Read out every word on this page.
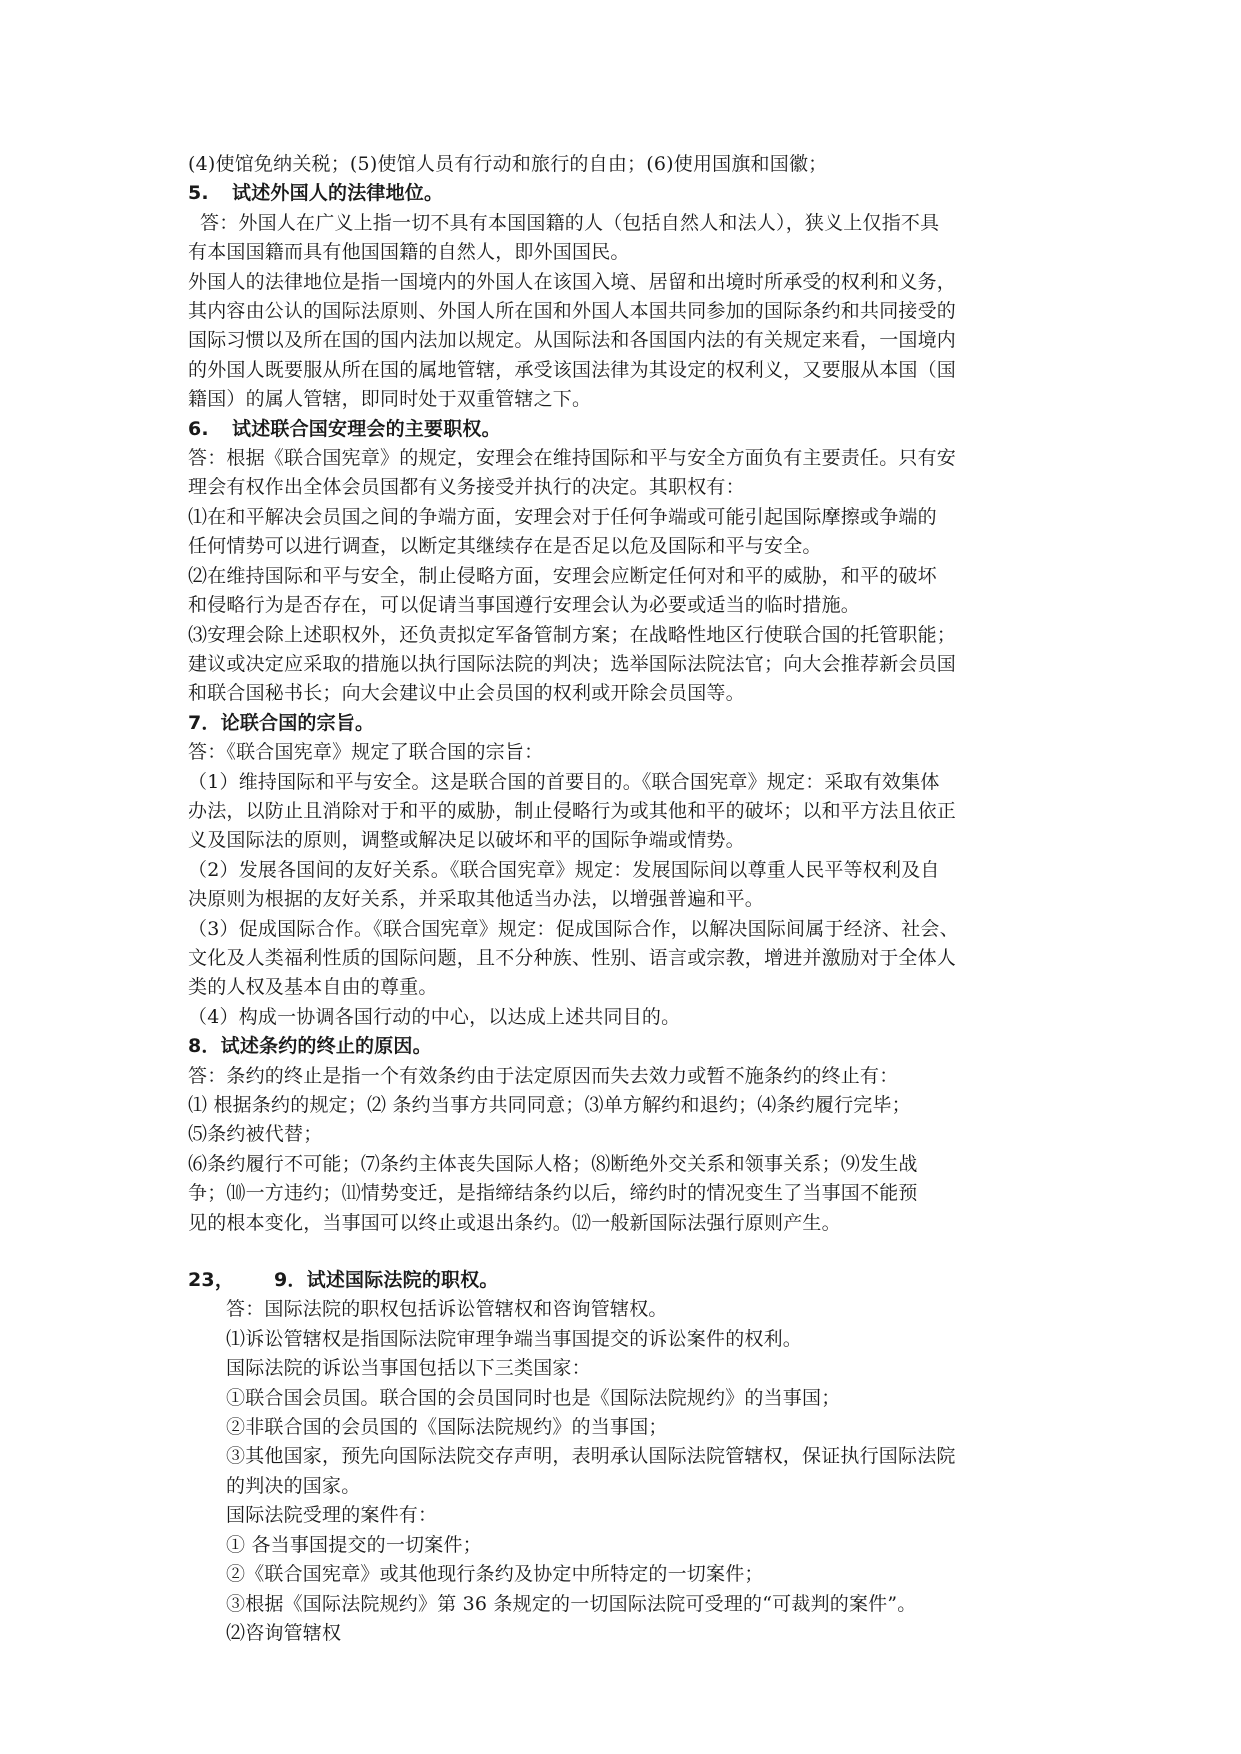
(4)使馆免纳关税；(5)使馆人员有行动和旅行的自由；(6)使用国旗和国徽；
5. 试述外国人的法律地位。
答：外国人在广义上指一切不具有本国国籍的人（包括自然人和法人），狭义上仅指不具
有本国国籍而具有他国国籍的自然人，即外国国民。
外国人的法律地位是指一国境内的外国人在该国入境、居留和出境时所承受的权利和义务，
其内容由公认的国际法原则、外国人所在国和外国人本国共同参加的国际条约和共同接受的
国际习惯以及所在国的国内法加以规定。从国际法和各国国内法的有关规定来看，一国境内
的外国人既要服从所在国的属地管辖，承受该国法律为其设定的权利义，又要服从本国（国
籍国）的属人管辖，即同时处于双重管辖之下。
6. 试述联合国安理会的主要职权。
答：根据《联合国宪章》的规定，安理会在维持国际和平与安全方面负有主要责任。只有安
理会有权作出全体会员国都有义务接受并执行的决定。其职权有：
⑴在和平解决会员国之间的争端方面，安理会对于任何争端或可能引起国际摩擦或争端的
任何情势可以进行调查，以断定其继续存在是否足以危及国际和平与安全。
⑵在维持国际和平与安全，制止侵略方面，安理会应断定任何对和平的威胁，和平的破坏
和侵略行为是否存在，可以促请当事国遵行安理会认为必要或适当的临时措施。
⑶安理会除上述职权外，还负责拟定军备管制方案；在战略性地区行使联合国的托管职能；
建议或决定应采取的措施以执行国际法院的判决；选举国际法院法官；向大会推荐新会员国
和联合国秘书长；向大会建议中止会员国的权利或开除会员国等。
7．论联合国的宗旨。
答：《联合国宪章》规定了联合国的宗旨：
（1）维持国际和平与安全。这是联合国的首要目的。《联合国宪章》规定：采取有效集体
办法，以防止且消除对于和平的威胁，制止侵略行为或其他和平的破坏；以和平方法且依正
义及国际法的原则，调整或解决足以破坏和平的国际争端或情势。
（2）发展各国间的友好关系。《联合国宪章》规定：发展国际间以尊重人民平等权利及自
决原则为根据的友好关系，并采取其他适当办法，以增强普遍和平。
（3）促成国际合作。《联合国宪章》规定：促成国际合作，以解决国际间属于经济、社会、
文化及人类福利性质的国际问题，且不分种族、性别、语言或宗教，增进并激励对于全体人
类的人权及基本自由的尊重。
（4）构成一协调各国行动的中心，以达成上述共同目的。
8．试述条约的终止的原因。
答：条约的终止是指一个有效条约由于法定原因而失去效力或暂不施条约的终止有：
⑴ 根据条约的规定；⑵ 条约当事方共同同意；⑶单方解约和退约；⑷条约履行完毕；
⑸条约被代替；
⑹条约履行不可能；⑺条约主体丧失国际人格；⑻断绝外交关系和领事关系；⑼发生战
争；⑽一方违约；⑾情势变迁，是指缔结条约以后，缔约时的情况变生了当事国不能预
见的根本变化，当事国可以终止或退出条约。⑿一般新国际法强行原则产生。
23，	9．试述国际法院的职权。
答：国际法院的职权包括诉讼管辖权和咨询管辖权。
⑴诉讼管辖权是指国际法院审理争端当事国提交的诉讼案件的权利。
国际法院的诉讼当事国包括以下三类国家：
①联合国会员国。联合国的会员国同时也是《国际法院规约》的当事国；
②非联合国的会员国的《国际法院规约》的当事国；
③其他国家，预先向国际法院交存声明，表明承认国际法院管辖权，保证执行国际法院
的判决的国家。
国际法院受理的案件有：
① 各当事国提交的一切案件；
②《联合国宪章》或其他现行条约及协定中所特定的一切案件；
③根据《国际法院规约》第 36 条规定的一切国际法院可受理的“可裁判的案件”。
⑵咨询管辖权
